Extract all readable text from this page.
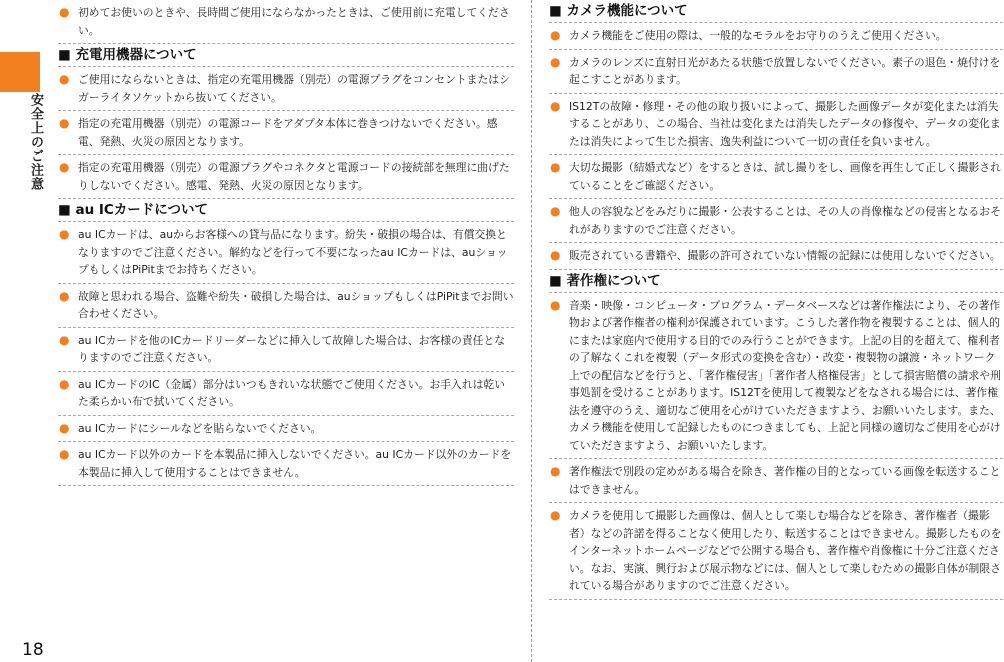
安全上のご注意
18
● 初めてお使いのときや、長時間ご使用にならなかったときは、ご使用前に充電してください。
■ 充電用機器について
● ご使用にならないときは、指定の充電用機器（別売）の電源プラグをコンセントまたはシガーライタソケットから抜いてください。
● 指定の充電用機器（別売）の電源コードをアダプタ本体に巻きつけないでください。感電、発熱、火災の原因となります。
● 指定の充電用機器（別売）の電源プラグやコネクタと電源コードの接続部を無理に曲げたりしないでください。感電、発熱、火災の原因となります。
■ au ICカードについて
● au ICカードは、auからお客様への貸与品になります。紛失・破損の場合は、有償交換となりますのでご注意ください。解約などを行って不要になったau ICカードは、auショップもしくはPiPitまでお持ちください。
● 故障と思われる場合、盗難や紛失・破損した場合は、auショップもしくはPiPitまでお問い合わせください。
● au ICカードを他のICカードリーダーなどに挿入して故障した場合は、お客様の責任となりますのでご注意ください。
● au ICカードのIC（金属）部分はいつもきれいな状態でご使用ください。お手入れは乾いた柔らかい布で拭いてください。
● au ICカードにシールなどを貼らないでください。
● au ICカード以外のカードを本製品に挿入しないでください。au ICカード以外のカードを本製品に挿入して使用することはできません。
■ カメラ機能について
● カメラ機能をご使用の際は、一般的なモラルをお守りのうえご使用ください。
● カメラのレンズに直射日光があたる状態で放置しないでください。素子の退色・焼付けを起こすことがあります。
● IS12Tの故障・修理・その他の取り扱いによって、撮影した画像データが変化または消失することがあり、この場合、当社は変化または消失したデータの修復や、データの変化または消失によって生じた損害、逸失利益について一切の責任を負いません。
● 大切な撮影（結婚式など）をするときは、試し撮りをし、画像を再生して正しく撮影されていることをご確認ください。
● 他人の容貌などをみだりに撮影・公表することは、その人の肖像権などの侵害となるおそれがありますのでご注意ください。
● 販売されている書籍や、撮影の許可されていない情報の記録には使用しないでください。
■ 著作権について
● 音楽・映像・コンピュータ・プログラム・データベースなどは著作権法により、その著作物および著作権者の権利が保護されています。こうした著作物を複製することは、個人的にまたは家庭内で使用する目的でのみ行うことができます。上記の目的を超えて、権利者の了解なくこれを複製（データ形式の変換を含む）・改変・複製物の譲渡・ネットワーク上での配信などを行うと、「著作権侵害」「著作者人格権侵害」として損害賠償の請求や刑事処罰を受けることがあります。IS12Tを使用して複製などをなされる場合には、著作権法を遵守のうえ、適切なご使用を心がけていただきますよう、お願いいたします。また、カメラ機能を使用して記録したものにつきましても、上記と同様の適切なご使用を心がけていただきますよう、お願いいたします。
● 著作権法で別段の定めがある場合を除き、著作権の目的となっている画像を転送することはできません。
● カメラを使用して撮影した画像は、個人として楽しむ場合などを除き、著作権者（撮影者）などの許諾を得ることなく使用したり、転送することはできません。撮影したものをインターネットホームページなどで公開する場合も、著作権や肖像権に十分ご注意ください。なお、実演、興行および展示物などには、個人として楽しむための撮影自体が制限されている場合がありますのでご注意ください。
